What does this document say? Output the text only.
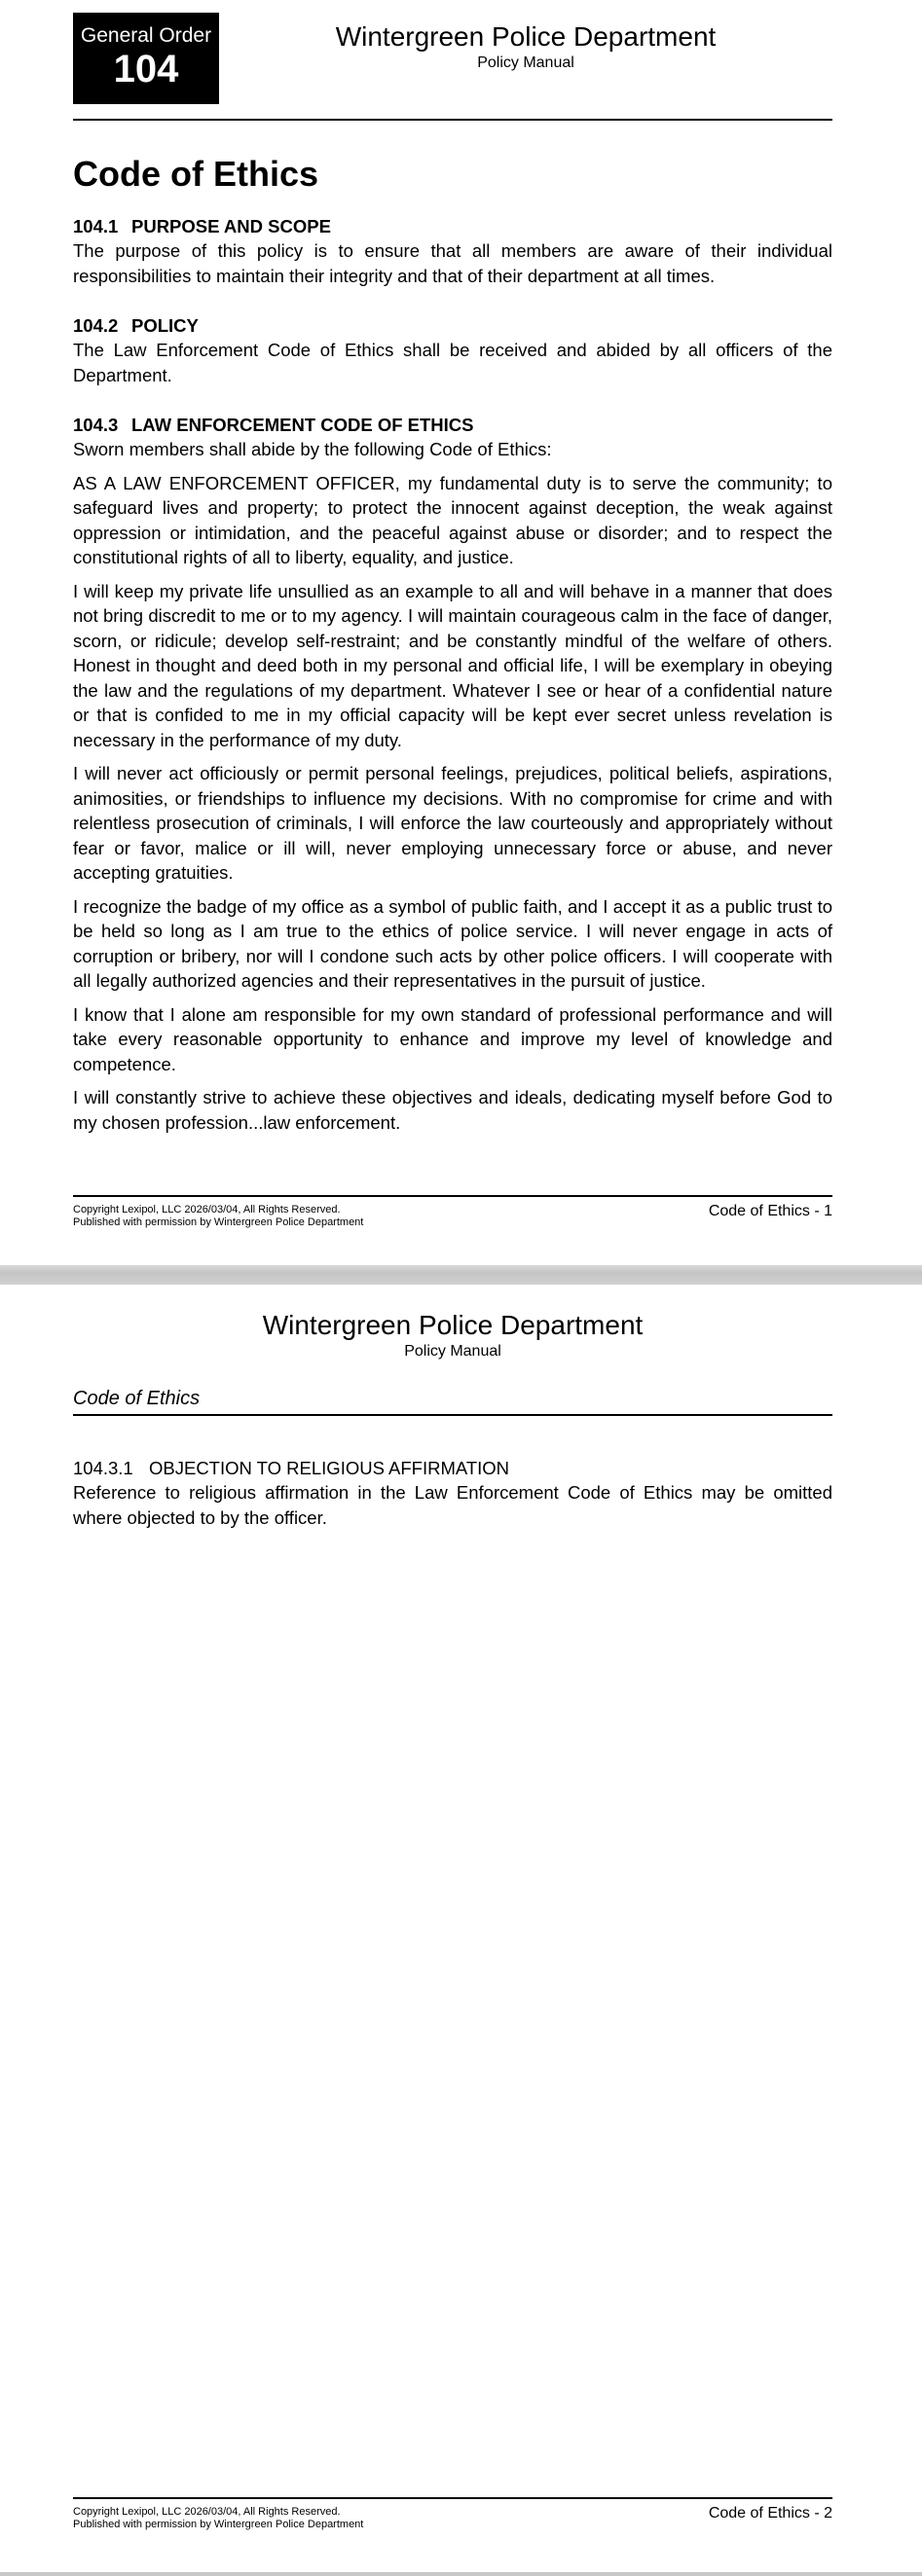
General Order
104
Wintergreen Police Department
Policy Manual
Code of Ethics

104.1 PURPOSE AND SCOPE

The purpose of this policy is to ensure that all members are aware of their individual responsibilities to maintain their integrity and that of their department at all times.

104.2 POLICY

The Law Enforcement Code of Ethics shall be received and abided by all officers of the Department.

104.3 LAW ENFORCEMENT CODE OF ETHICS

Sworn members shall abide by the following Code of Ethics:

AS A LAW ENFORCEMENT OFFICER, my fundamental duty is to serve the community; to safeguard lives and property; to protect the innocent against deception, the weak against oppression or intimidation, and the peaceful against abuse or disorder; and to respect the constitutional rights of all to liberty, equality, and justice.

I will keep my private life unsullied as an example to all and will behave in a manner that does not bring discredit to me or to my agency. I will maintain courageous calm in the face of danger, scorn, or ridicule; develop self-restraint; and be constantly mindful of the welfare of others. Honest in thought and deed both in my personal and official life, I will be exemplary in obeying the law and the regulations of my department. Whatever I see or hear of a confidential nature or that is confided to me in my official capacity will be kept ever secret unless revelation is necessary in the performance of my duty.

I will never act officiously or permit personal feelings, prejudices, political beliefs, aspirations, animosities, or friendships to influence my decisions. With no compromise for crime and with relentless prosecution of criminals, I will enforce the law courteously and appropriately without fear or favor, malice or ill will, never employing unnecessary force or abuse, and never accepting gratuities.

I recognize the badge of my office as a symbol of public faith, and I accept it as a public trust to be held so long as I am true to the ethics of police service. I will never engage in acts of corruption or bribery, nor will I condone such acts by other police officers. I will cooperate with all legally authorized agencies and their representatives in the pursuit of justice.

I know that I alone am responsible for my own standard of professional performance and will take every reasonable opportunity to enhance and improve my level of knowledge and competence.

I will constantly strive to achieve these objectives and ideals, dedicating myself before God to my chosen profession...law enforcement.

Copyright Lexipol, LLC 2026/03/04, All Rights Reserved.
Published with permission by Wintergreen Police Department
Code of Ethics - 1
Wintergreen Police Department
Policy Manual
Code of Ethics

104.3.1 OBJECTION TO RELIGIOUS AFFIRMATION

Reference to religious affirmation in the Law Enforcement Code of Ethics may be omitted where objected to by the officer.

Copyright Lexipol, LLC 2026/03/04, All Rights Reserved.
Published with permission by Wintergreen Police Department
Code of Ethics - 2
